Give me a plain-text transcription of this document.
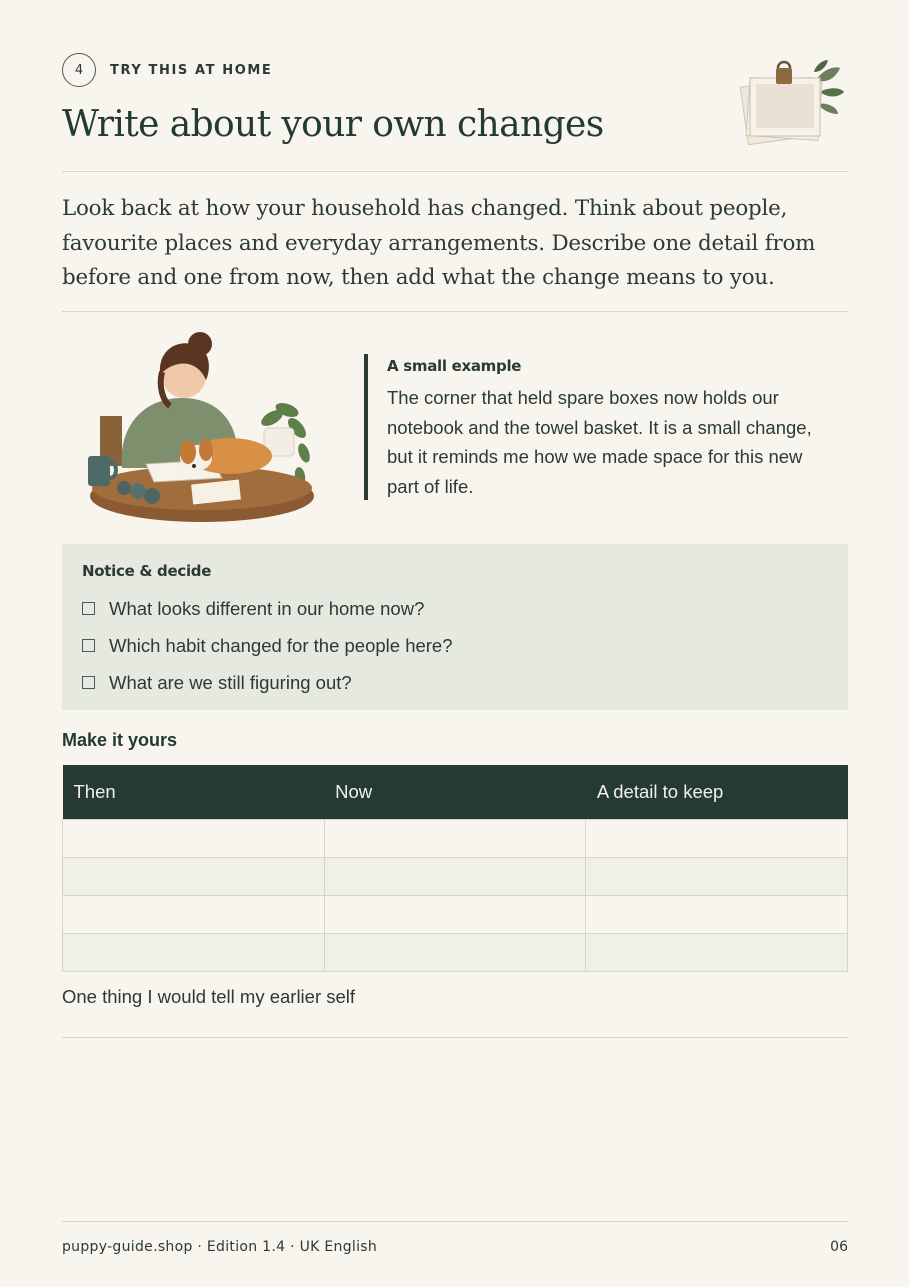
4	TRY THIS AT HOME
Write about your own changes

Look back at how your household has changed. Think about people, favourite places and everyday arrangements. Describe one detail from before and one from now, then add what the change means to you.

A small example

The corner that held spare boxes now holds our notebook and the towel basket. It is a small change, but it reminds me how we made space for this new part of life.

Notice & decide
What looks different in our home now?
Which habit changed for the people here?
What are we still figuring out?
Make it yours
Then	Now	A detail to keep

One thing I would tell my earlier self
puppy-guide.shop · Edition 1.4 · UK English	06
